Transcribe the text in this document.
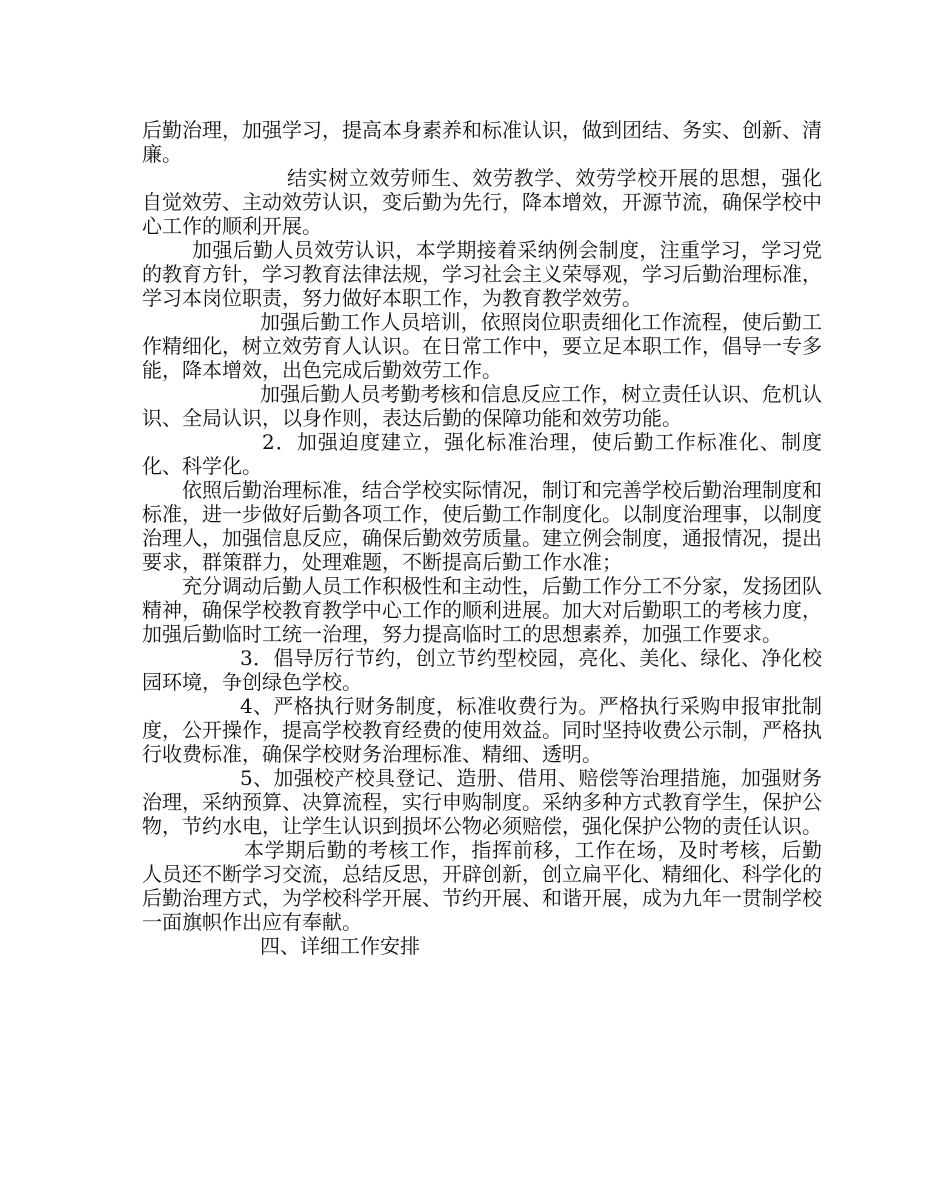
后勤治理，加强学习，提高本身素养和标准认识，做到团结、务实、创新、清廉。

结实树立效劳师生、效劳教学、效劳学校开展的思想，强化自觉效劳、主动效劳认识，变后勤为先行，降本增效，开源节流，确保学校中心工作的顺利开展。

加强后勤人员效劳认识，本学期接着采纳例会制度，注重学习，学习党的教育方针，学习教育法律法规，学习社会主义荣辱观，学习后勤治理标准，学习本岗位职责，努力做好本职工作，为教育教学效劳。

加强后勤工作人员培训，依照岗位职责细化工作流程，使后勤工作精细化，树立效劳育人认识。在日常工作中，要立足本职工作，倡导一专多能，降本增效，出色完成后勤效劳工作。

加强后勤人员考勤考核和信息反应工作，树立责任认识、危机认识、全局认识，以身作则，表达后勤的保障功能和效劳功能。

2．加强迫度建立，强化标准治理，使后勤工作标准化、制度化、科学化。

依照后勤治理标准，结合学校实际情况，制订和完善学校后勤治理制度和标准，进一步做好后勤各项工作，使后勤工作制度化。以制度治理事，以制度治理人，加强信息反应，确保后勤效劳质量。建立例会制度，通报情况，提出要求，群策群力，处理难题，不断提高后勤工作水准；

充分调动后勤人员工作积极性和主动性，后勤工作分工不分家，发扬团队精神，确保学校教育教学中心工作的顺利进展。加大对后勤职工的考核力度，加强后勤临时工统一治理，努力提高临时工的思想素养，加强工作要求。

3．倡导厉行节约，创立节约型校园，亮化、美化、绿化、净化校园环境，争创绿色学校。

4、严格执行财务制度，标准收费行为。严格执行采购申报审批制度，公开操作，提高学校教育经费的使用效益。同时坚持收费公示制，严格执行收费标准，确保学校财务治理标准、精细、透明。

5、加强校产校具登记、造册、借用、赔偿等治理措施，加强财务治理，采纳预算、决算流程，实行申购制度。采纳多种方式教育学生，保护公物，节约水电，让学生认识到损坏公物必须赔偿，强化保护公物的责任认识。

本学期后勤的考核工作，指挥前移，工作在场，及时考核，后勤人员还不断学习交流，总结反思，开辟创新，创立扁平化、精细化、科学化的后勤治理方式，为学校科学开展、节约开展、和谐开展，成为九年一贯制学校一面旗帜作出应有奉献。

四、详细工作安排
